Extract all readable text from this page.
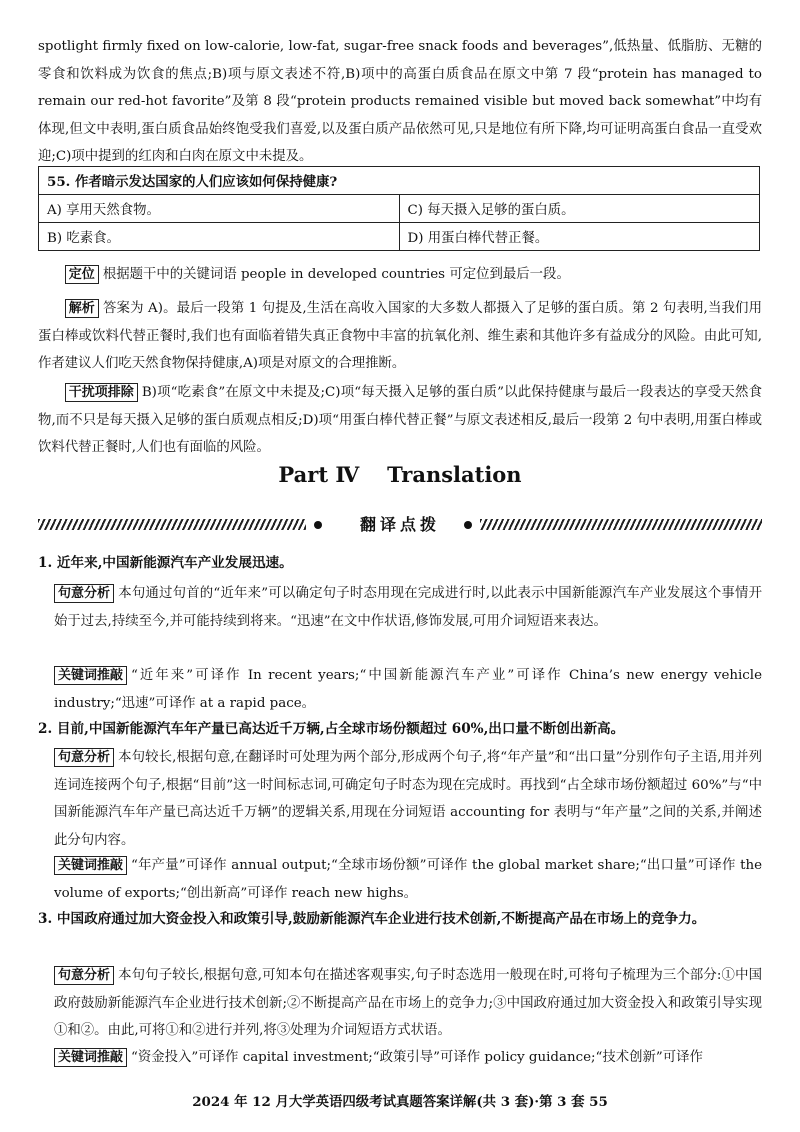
spotlight firmly fixed on low-calorie, low-fat, sugar-free snack foods and beverages”,低热量、低脂肪、无糖的零食和饮料成为饮食的焦点;B)项与原文表述不符,B)项中的高蛋白质食品在原文中第 7 段“protein has managed to remain our red-hot favorite”及第 8 段“protein products remained visible but moved back somewhat”中均有体现,但文中表明,蛋白质食品始终饱受我们喜爱,以及蛋白质产品依然可见,只是地位有所下降,均可证明高蛋白食品一直受欢迎;C)项中提到的红肉和白肉在原文中未提及。

55. 作者暗示发达国家的人们应该如何保持健康?	
A) 享用天然食物。	C) 每天摄入足够的蛋白质。
B) 吃素食。	D) 用蛋白棒代替正餐。

定位 根据题干中的关键词语 people in developed countries 可定位到最后一段。

解析 答案为 A)。最后一段第 1 句提及,生活在高收入国家的大多数人都摄入了足够的蛋白质。第 2 句表明,当我们用蛋白棒或饮料代替正餐时,我们也有面临着错失真正食物中丰富的抗氧化剂、维生素和其他许多有益成分的风险。由此可知,作者建议人们吃天然食物保持健康,A)项是对原文的合理推断。

干扰项排除 B)项“吃素食”在原文中未提及;C)项“每天摄入足够的蛋白质”以此保持健康与最后一段表达的享受天然食物,而不只是每天摄入足够的蛋白质观点相反;D)项“用蛋白棒代替正餐”与原文表述相反,最后一段第 2 句中表明,用蛋白棒或饮料代替正餐时,人们也有面临的风险。

Part Ⅳ Translation

翻译点拨

1. 近年来,中国新能源汽车产业发展迅速。

句意分析 本句通过句首的“近年来”可以确定句子时态用现在完成进行时,以此表示中国新能源汽车产业发展这个事情开始于过去,持续至今,并可能持续到将来。“迅速”在文中作状语,修饰发展,可用介词短语来表达。

关键词推敲 “近年来”可译作 In recent years;“中国新能源汽车产业”可译作 China’s new energy vehicle industry;“迅速”可译作 at a rapid pace。

2. 目前,中国新能源汽车年产量已高达近千万辆,占全球市场份额超过 60%,出口量不断创出新高。

句意分析 本句较长,根据句意,在翻译时可处理为两个部分,形成两个句子,将“年产量”和“出口量”分别作句子主语,用并列连词连接两个句子,根据“目前”这一时间标志词,可确定句子时态为现在完成时。再找到“占全球市场份额超过 60%”与“中国新能源汽车年产量已高达近千万辆”的逻辑关系,用现在分词短语 accounting for 表明与“年产量”之间的关系,并阐述此分句内容。

关键词推敲 “年产量”可译作 annual output;“全球市场份额”可译作 the global market share;“出口量”可译作 the volume of exports;“创出新高”可译作 reach new highs。

3. 中国政府通过加大资金投入和政策引导,鼓励新能源汽车企业进行技术创新,不断提高产品在市场上的竞争力。

句意分析 本句句子较长,根据句意,可知本句在描述客观事实,句子时态选用一般现在时,可将句子梳理为三个部分:①中国政府鼓励新能源汽车企业进行技术创新;②不断提高产品在市场上的竞争力;③中国政府通过加大资金投入和政策引导实现①和②。由此,可将①和②进行并列,将③处理为介词短语方式状语。

关键词推敲 “资金投入”可译作 capital investment;“政策引导”可译作 policy guidance;“技术创新”可译作

2024 年 12 月大学英语四级考试真题答案详解(共 3 套)·第 3 套 55
